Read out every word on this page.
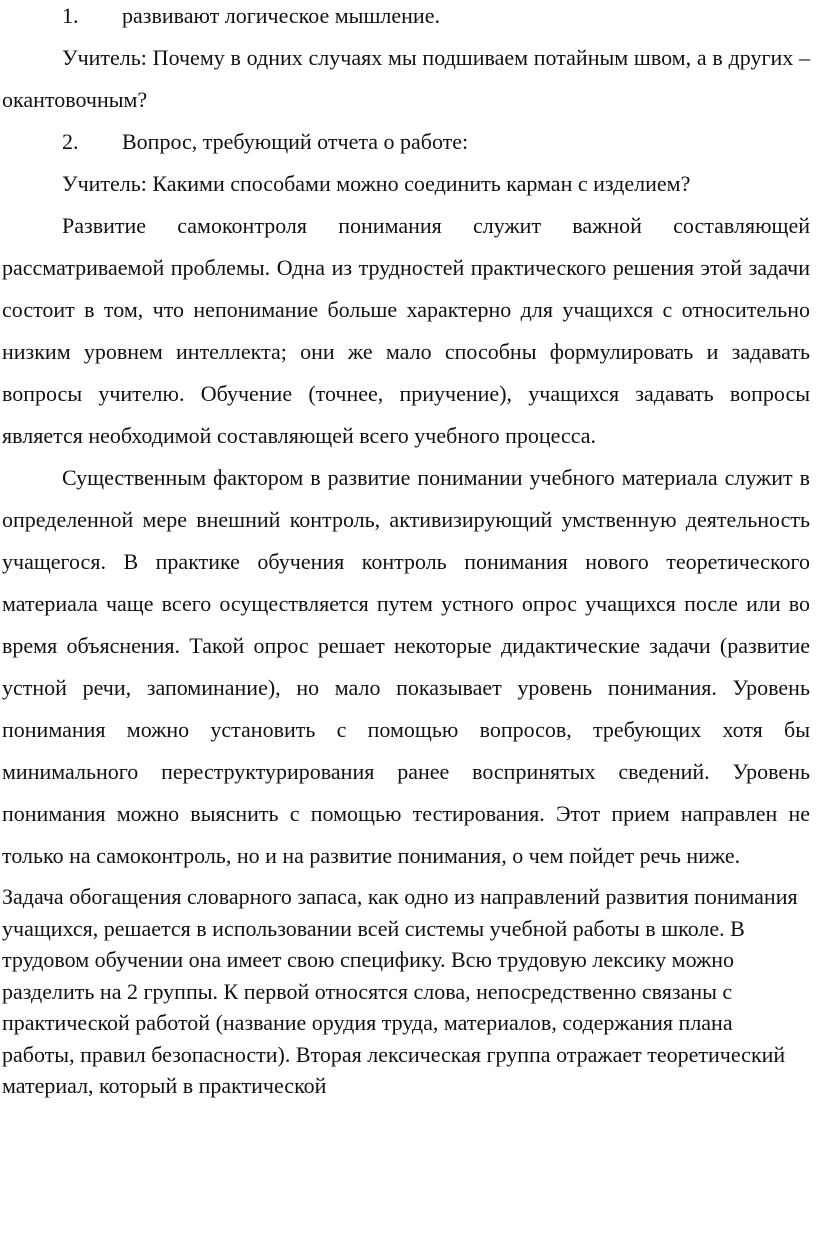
1.	развивают логическое мышление.

Учитель: Почему в одних случаях мы подшиваем потайным швом, а в других – окантовочным?

2.	Вопрос, требующий отчета о работе:

Учитель: Какими способами можно соединить карман с изделием?

Развитие самоконтроля понимания служит важной составляющей рассматриваемой проблемы. Одна из трудностей практического решения этой задачи состоит в том, что непонимание больше характерно для учащихся с относительно низким уровнем интеллекта; они же мало способны формулировать и задавать вопросы учителю. Обучение (точнее, приучение), учащихся задавать вопросы является необходимой составляющей всего учебного процесса.

Существенным фактором в развитие понимании учебного материала служит в определенной мере внешний контроль, активизирующий умственную деятельность учащегося. В практике обучения контроль понимания нового теоретического материала чаще всего осуществляется путем устного опрос учащихся после или во время объяснения. Такой опрос решает некоторые дидактические задачи (развитие устной речи, запоминание), но мало показывает уровень понимания. Уровень понимания можно установить с помощью вопросов, требующих хотя бы минимального переструктурирования ранее воспринятых сведений. Уровень понимания можно выяснить с помощью тестирования. Этот прием направлен не только на самоконтроль, но и на развитие понимания, о чем пойдет речь ниже.

Задача обогащения словарного запаса, как одно из направлений развития понимания учащихся, решается в использовании всей системы учебной работы в школе. В трудовом обучении она имеет свою специфику. Всю трудовую лексику можно разделить на 2 группы. К первой относятся слова, непосредственно связаны с практической работой (название орудия труда, материалов, содержания плана работы, правил безопасности). Вторая лексическая группа отражает теоретический материал, который в практической
